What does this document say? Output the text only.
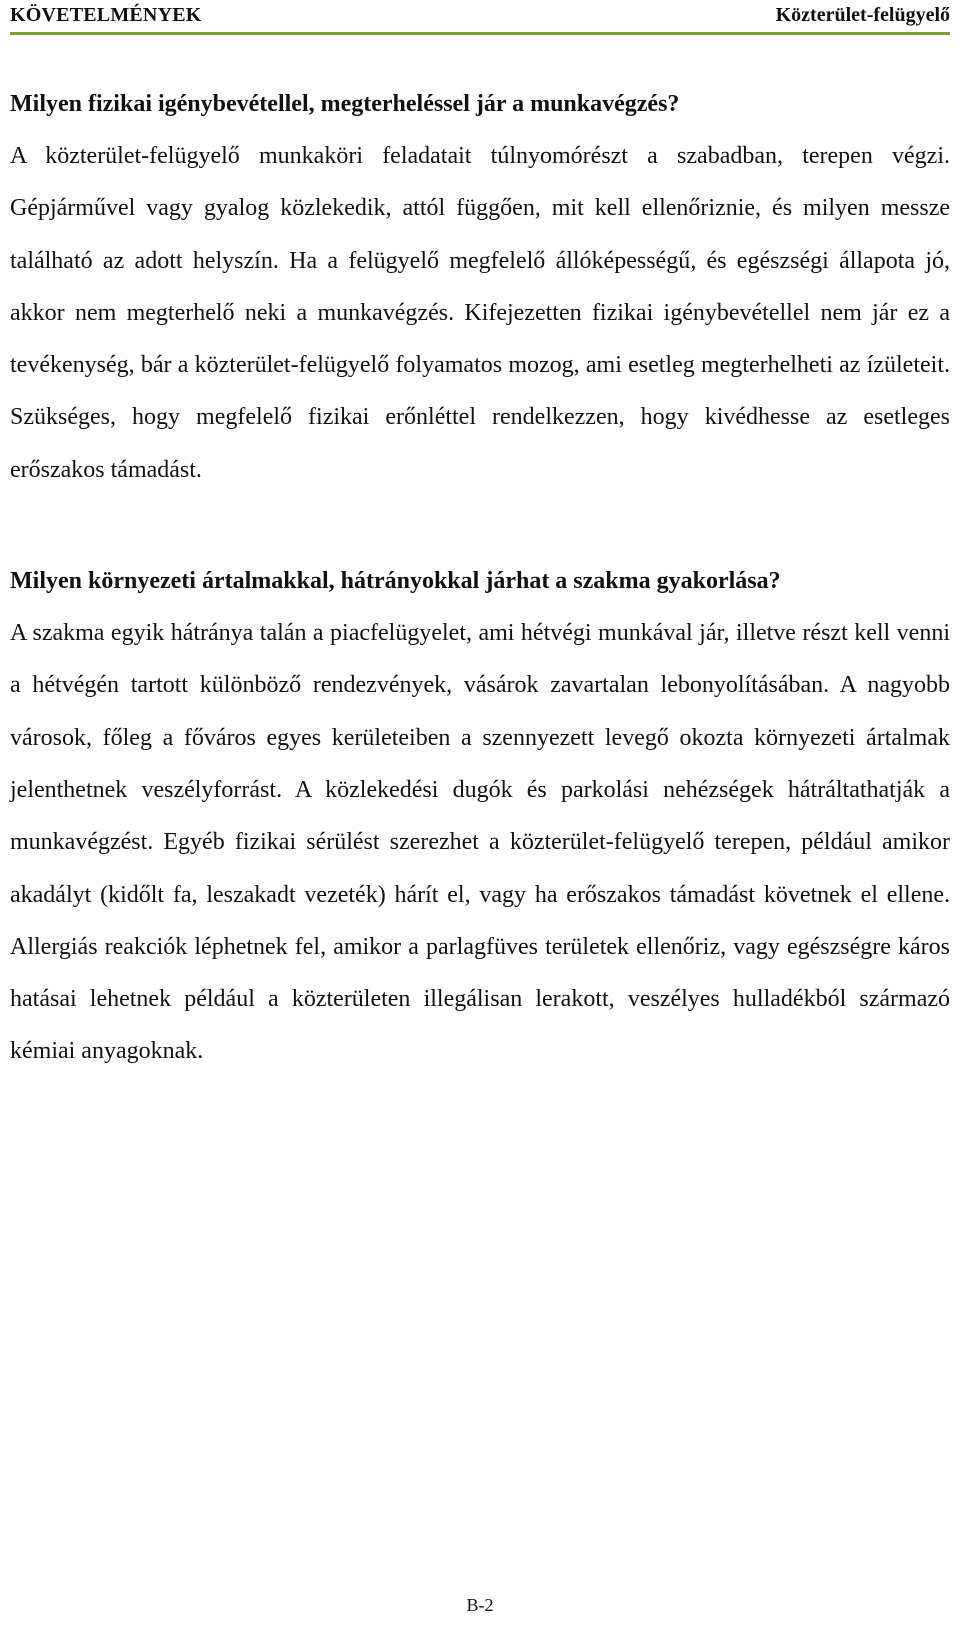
KÖVETELMÉNYEK	Közterület-felügyelő

Milyen fizikai igénybevétellel, megterheléssel jár a munkavégzés?

A közterület-felügyelő munkaköri feladatait túlnyomórészt a szabadban, terepen végzi. Gépjárművel vagy gyalog közlekedik, attól függően, mit kell ellenőriznie, és milyen messze található az adott helyszín. Ha a felügyelő megfelelő állóképességű, és egészségi állapota jó, akkor nem megterhelő neki a munkavégzés. Kifejezetten fizikai igénybevétellel nem jár ez a tevékenység, bár a közterület-felügyelő folyamatos mozog, ami esetleg megterhelheti az ízületeit. Szükséges, hogy megfelelő fizikai erőnléttel rendelkezzen, hogy kivédhesse az esetleges erőszakos támadást.

Milyen környezeti ártalmakkal, hátrányokkal járhat a szakma gyakorlása?

A szakma egyik hátránya talán a piacfelügyelet, ami hétvégi munkával jár, illetve részt kell venni a hétvégén tartott különböző rendezvények, vásárok zavartalan lebonyolításában. A nagyobb városok, főleg a főváros egyes kerületeiben a szennyezett levegő okozta környezeti ártalmak jelenthetnek veszélyforrást. A közlekedési dugók és parkolási nehézségek hátráltathatják a munkavégzést. Egyéb fizikai sérülést szerezhet a közterület-felügyelő terepen, például amikor akadályt (kidőlt fa, leszakadt vezeték) hárít el, vagy ha erőszakos támadást követnek el ellene. Allergiás reakciók léphetnek fel, amikor a parlagfüves területek ellenőriz, vagy egészségre káros hatásai lehetnek például a közterületen illegálisan lerakott, veszélyes hulladékból származó kémiai anyagoknak.

B-2
